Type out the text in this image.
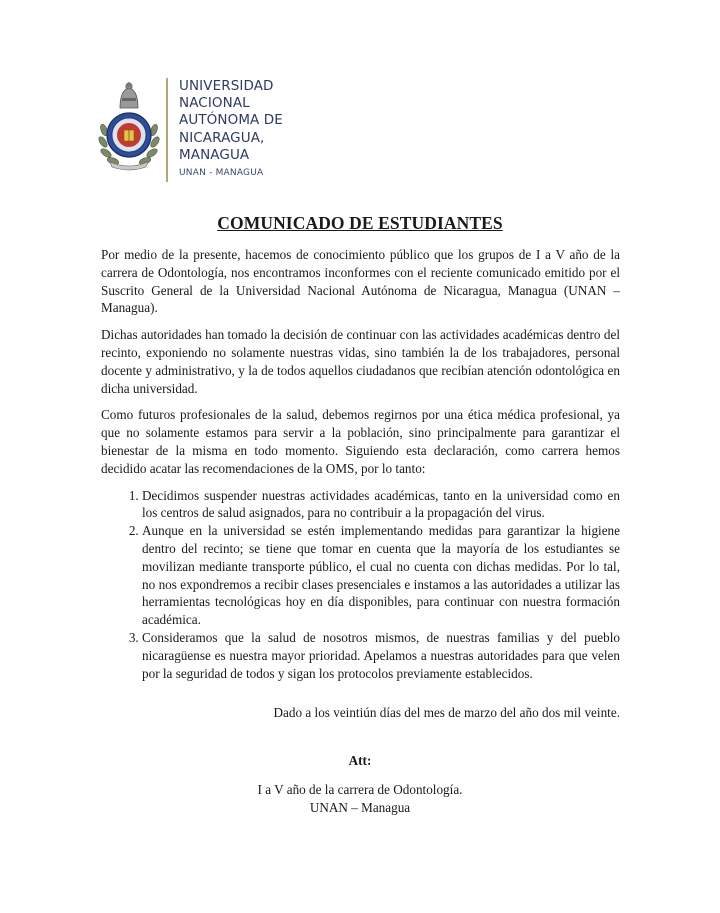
UNIVERSIDAD
NACIONAL
AUTÓNOMA DE
NICARAGUA,
MANAGUA
UNAN - MANAGUA
COMUNICADO DE ESTUDIANTES

Por medio de la presente, hacemos de conocimiento público que los grupos de I a V año de la carrera de Odontología, nos encontramos inconformes con el reciente comunicado emitido por el Suscrito General de la Universidad Nacional Autónoma de Nicaragua, Managua (UNAN – Managua).

Dichas autoridades han tomado la decisión de continuar con las actividades académicas dentro del recinto, exponiendo no solamente nuestras vidas, sino también la de los trabajadores, personal docente y administrativo, y la de todos aquellos ciudadanos que recibían atención odontológica en dicha universidad.

Como futuros profesionales de la salud, debemos regirnos por una ética médica profesional, ya que no solamente estamos para servir a la población, sino principalmente para garantizar el bienestar de la misma en todo momento. Siguiendo esta declaración, como carrera hemos decidido acatar las recomendaciones de la OMS, por lo tanto:

1. Decidimos suspender nuestras actividades académicas, tanto en la universidad como en los centros de salud asignados, para no contribuir a la propagación del virus.
2. Aunque en la universidad se estén implementando medidas para garantizar la higiene dentro del recinto; se tiene que tomar en cuenta que la mayoría de los estudiantes se movilizan mediante transporte público, el cual no cuenta con dichas medidas. Por lo tal, no nos expondremos a recibir clases presenciales e instamos a las autoridades a utilizar las herramientas tecnológicas hoy en día disponibles, para continuar con nuestra formación académica.
3. Consideramos que la salud de nosotros mismos, de nuestras familias y del pueblo nicaragüense es nuestra mayor prioridad. Apelamos a nuestras autoridades para que velen por la seguridad de todos y sigan los protocolos previamente establecidos.
Dado a los veintiún días del mes de marzo del año dos mil veinte.
Att:
I a V año de la carrera de Odontología.
UNAN – Managua
